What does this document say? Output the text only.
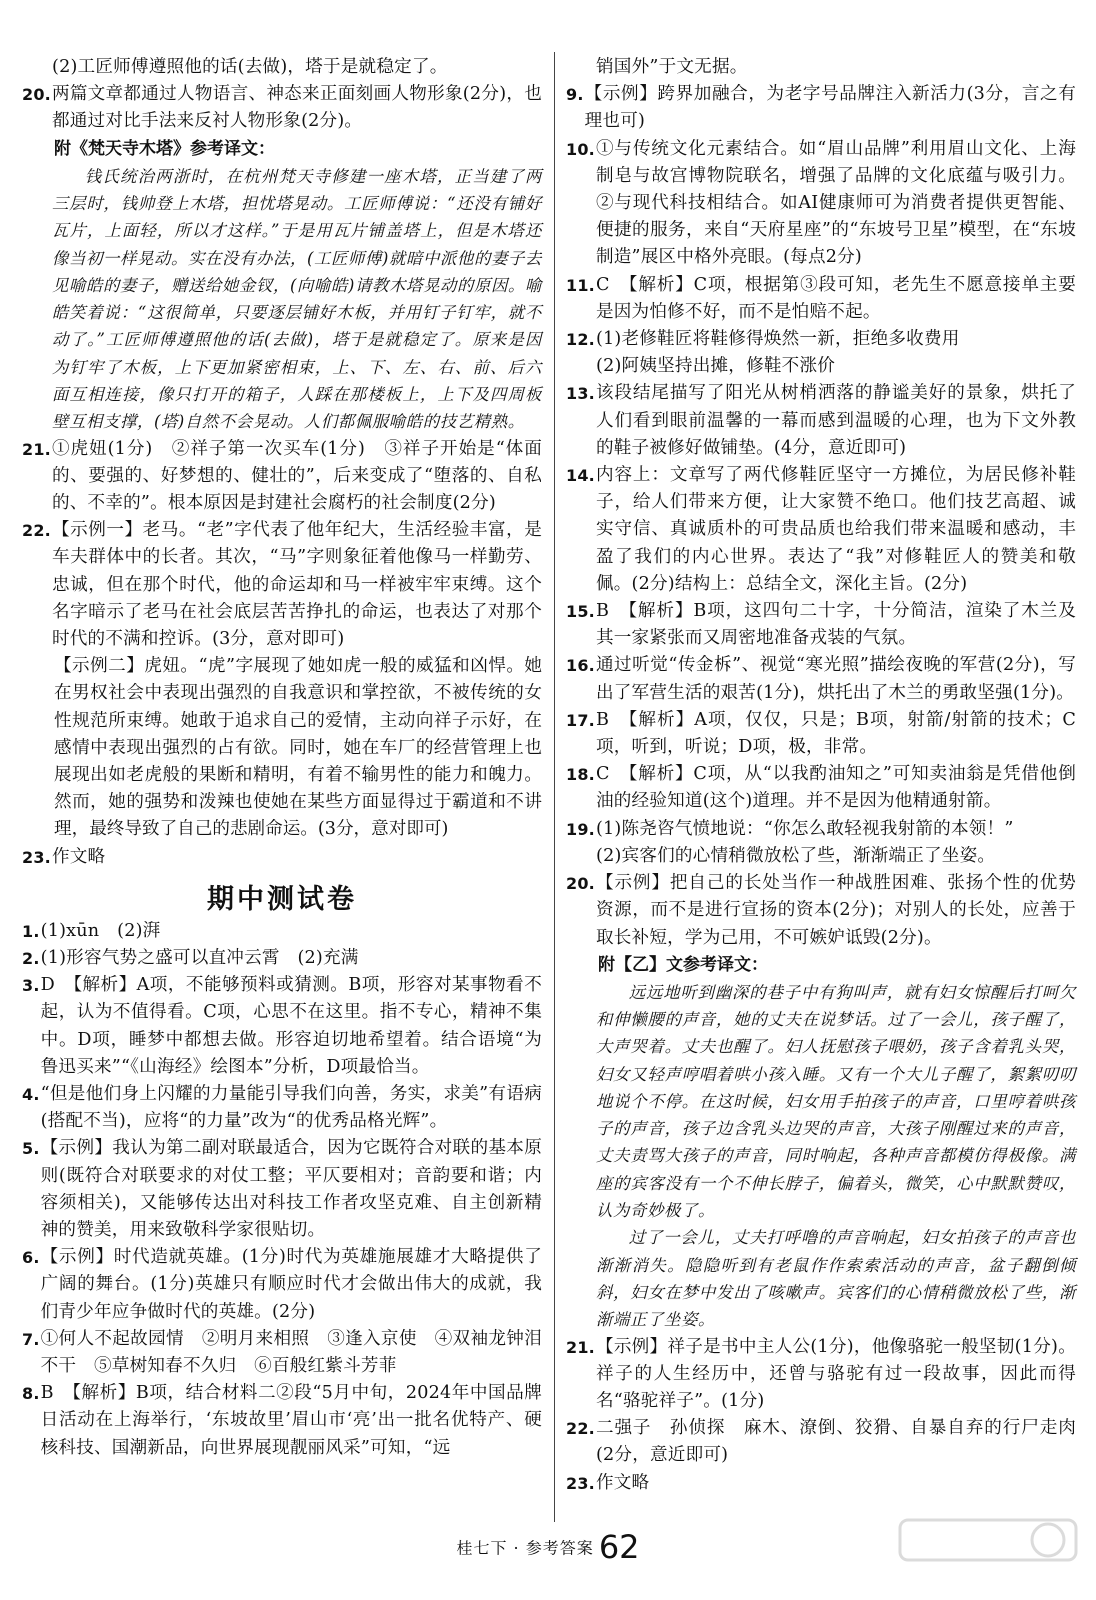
(2)工匠师傅遵照他的话(去做)，塔于是就稳定了。
20. 两篇文章都通过人物语言、神态来正面刻画人物形象(2分)，也都通过对比手法来反衬人物形象(2分)。
附《梵天寺木塔》参考译文：
钱氏统治两浙时，在杭州梵天寺修建一座木塔，正当建了两三层时，钱帅登上木塔，担忧塔晃动。工匠师傅说：“还没有铺好瓦片，上面轻，所以才这样。”于是用瓦片铺盖塔上，但是木塔还像当初一样晃动。实在没有办法，(工匠师傅)就暗中派他的妻子去见喻皓的妻子，赠送给她金钗，(向喻皓)请教木塔晃动的原因。喻皓笑着说：“这很简单，只要逐层铺好木板，并用钉子钉牢，就不动了。”工匠师傅遵照他的话(去做)，塔于是就稳定了。原来是因为钉牢了木板，上下更加紧密相束，上、下、左、右、前、后六面互相连接，像只打开的箱子，人踩在那楼板上，上下及四周板壁互相支撑，(塔)自然不会晃动。人们都佩服喻皓的技艺精熟。
21. ①虎妞(1分)　②祥子第一次买车(1分)　③祥子开始是“体面的、要强的、好梦想的、健壮的”，后来变成了“堕落的、自私的、不幸的”。根本原因是封建社会腐朽的社会制度(2分)
22. 【示例一】老马。“老”字代表了他年纪大，生活经验丰富，是车夫群体中的长者。其次，“马”字则象征着他像马一样勤劳、忠诚，但在那个时代，他的命运却和马一样被牢牢束缚。这个名字暗示了老马在社会底层苦苦挣扎的命运，也表达了对那个时代的不满和控诉。(3分，意对即可)
【示例二】虎妞。“虎”字展现了她如虎一般的威猛和凶悍。她在男权社会中表现出强烈的自我意识和掌控欲，不被传统的女性规范所束缚。她敢于追求自己的爱情，主动向祥子示好，在感情中表现出强烈的占有欲。同时，她在车厂的经营管理上也展现出如老虎般的果断和精明，有着不输男性的能力和魄力。然而，她的强势和泼辣也使她在某些方面显得过于霸道和不讲理，最终导致了自己的悲剧命运。(3分，意对即可)
23. 作文略
期中测试卷
1. (1)xūn　(2)湃
2. (1)形容气势之盛可以直冲云霄　(2)充满
3. D　【解析】A项，不能够预料或猜测。B项，形容对某事物看不起，认为不值得看。C项，心思不在这里。指不专心，精神不集中。D项，睡梦中都想去做。形容迫切地希望着。结合语境“为鲁迅买来”“《山海经》绘图本”分析，D项最恰当。
4. “但是他们身上闪耀的力量能引导我们向善，务实，求美”有语病(搭配不当)，应将“的力量”改为“的优秀品格光辉”。
5. 【示例】我认为第二副对联最适合，因为它既符合对联的基本原则(既符合对联要求的对仗工整；平仄要相对；音韵要和谐；内容须相关)，又能够传达出对科技工作者攻坚克难、自主创新精神的赞美，用来致敬科学家很贴切。
6. 【示例】时代造就英雄。(1分)时代为英雄施展雄才大略提供了广阔的舞台。(1分)英雄只有顺应时代才会做出伟大的成就，我们青少年应争做时代的英雄。(2分)
7. ①何人不起故园情　②明月来相照　③逢入京使　④双袖龙钟泪不干　⑤草树知春不久归　⑥百般红紫斗芳菲
8. B　【解析】B项，结合材料二②段“5月中旬，2024年中国品牌日活动在上海举行，‘东坡故里’眉山市‘亮’出一批名优特产、硬核科技、国潮新品，向世界展现靓丽风采”可知，“远
销国外”于文无据。
9. 【示例】跨界加融合，为老字号品牌注入新活力(3分，言之有理也可)
10. ①与传统文化元素结合。如“眉山品牌”利用眉山文化、上海制皂与故宫博物院联名，增强了品牌的文化底蕴与吸引力。②与现代科技相结合。如AI健康师可为消费者提供更智能、便捷的服务，来自“天府星座”的“东坡号卫星”模型，在“东坡制造”展区中格外亮眼。(每点2分)
11. C　【解析】C项，根据第③段可知，老先生不愿意接单主要是因为怕修不好，而不是怕赔不起。
12. (1)老修鞋匠将鞋修得焕然一新，拒绝多收费用
(2)阿姨坚持出摊，修鞋不涨价
13. 该段结尾描写了阳光从树梢洒落的静谧美好的景象，烘托了人们看到眼前温馨的一幕而感到温暖的心理，也为下文外教的鞋子被修好做铺垫。(4分，意近即可)
14. 内容上：文章写了两代修鞋匠坚守一方摊位，为居民修补鞋子，给人们带来方便，让大家赞不绝口。他们技艺高超、诚实守信、真诚质朴的可贵品质也给我们带来温暖和感动，丰盈了我们的内心世界。表达了“我”对修鞋匠人的赞美和敬佩。(2分)结构上：总结全文，深化主旨。(2分)
15. B　【解析】B项，这四句二十字，十分简洁，渲染了木兰及其一家紧张而又周密地准备戎装的气氛。
16. 通过听觉“传金柝”、视觉“寒光照”描绘夜晚的军营(2分)，写出了军营生活的艰苦(1分)，烘托出了木兰的勇敢坚强(1分)。
17. B　【解析】A项，仅仅，只是；B项，射箭/射箭的技术；C项，听到，听说；D项，极，非常。
18. C　【解析】C项，从“以我酌油知之”可知卖油翁是凭借他倒油的经验知道(这个)道理。并不是因为他精通射箭。
19. (1)陈尧咨气愤地说：“你怎么敢轻视我射箭的本领！”
(2)宾客们的心情稍微放松了些，渐渐端正了坐姿。
20. 【示例】把自己的长处当作一种战胜困难、张扬个性的优势资源，而不是进行宣扬的资本(2分)；对别人的长处，应善于取长补短，学为己用，不可嫉妒诋毁(2分)。
附【乙】文参考译文：
远远地听到幽深的巷子中有狗叫声，就有妇女惊醒后打呵欠和伸懒腰的声音，她的丈夫在说梦话。过了一会儿，孩子醒了，大声哭着。丈夫也醒了。妇人抚慰孩子喂奶，孩子含着乳头哭，妇女又轻声哼唱着哄小孩入睡。又有一个大儿子醒了，絮絮叨叨地说个不停。在这时候，妇女用手拍孩子的声音，口里哼着哄孩子的声音，孩子边含乳头边哭的声音，大孩子刚醒过来的声音，丈夫责骂大孩子的声音，同时响起，各种声音都模仿得极像。满座的宾客没有一个不伸长脖子，偏着头，微笑，心中默默赞叹，认为奇妙极了。
过了一会儿，丈夫打呼噜的声音响起，妇女拍孩子的声音也渐渐消失。隐隐听到有老鼠作作索索活动的声音，盆子翻倒倾斜，妇女在梦中发出了咳嗽声。宾客们的心情稍微放松了些，渐渐端正了坐姿。
21. 【示例】祥子是书中主人公(1分)，他像骆驼一般坚韧(1分)。祥子的人生经历中，还曾与骆驼有过一段故事，因此而得名“骆驼祥子”。(1分)
22. 二强子　孙侦探　麻木、潦倒、狡猾、自暴自弃的行尸走肉(2分，意近即可)
23. 作文略
桂七下 · 参考答案 62
